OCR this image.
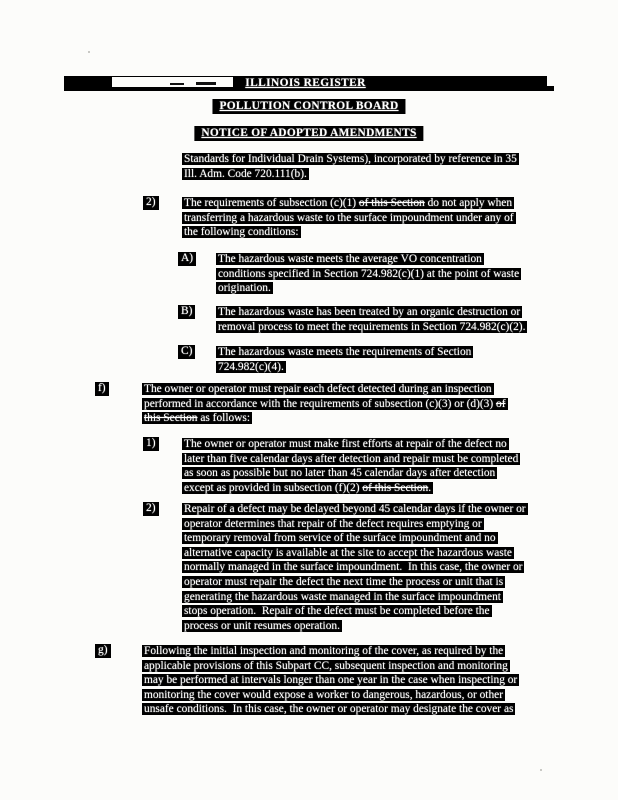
ILLINOIS REGISTER
POLLUTION CONTROL BOARD
NOTICE OF ADOPTED AMENDMENTS
Standards for Individual Drain Systems), incorporated by reference in 35
Ill. Adm. Code 720.111(b).
2)	The requirements of subsection (c)(1) of this Section do not apply when
transferring a hazardous waste to the surface impoundment under any of
the following conditions:
A) The hazardous waste meets the average VO concentration
conditions specified in Section 724.982(c)(1) at the point of waste
origination.
B) The hazardous waste has been treated by an organic destruction or
removal process to meet the requirements in Section 724.982(c)(2).
C) The hazardous waste meets the requirements of Section
724.982(c)(4).
f)	The owner or operator must repair each defect detected during an inspection
performed in accordance with the requirements of subsection (c)(3) or (d)(3) of
this Section as follows:
1)	The owner or operator must make first efforts at repair of the defect no
later than five calendar days after detection and repair must be completed
as soon as possible but no later than 45 calendar days after detection
except as provided in subsection (f)(2) of this Section.
2)	Repair of a defect may be delayed beyond 45 calendar days if the owner or
operator determines that repair of the defect requires emptying or
temporary removal from service of the surface impoundment and no
alternative capacity is available at the site to accept the hazardous waste
normally managed in the surface impoundment.  In this case, the owner or
operator must repair the defect the next time the process or unit that is
generating the hazardous waste managed in the surface impoundment
stops operation.  Repair of the defect must be completed before the
process or unit resumes operation.
g)	Following the initial inspection and monitoring of the cover, as required by the
applicable provisions of this Subpart CC, subsequent inspection and monitoring
may be performed at intervals longer than one year in the case when inspecting or
monitoring the cover would expose a worker to dangerous, hazardous, or other
unsafe conditions.  In this case, the owner or operator may designate the cover as
